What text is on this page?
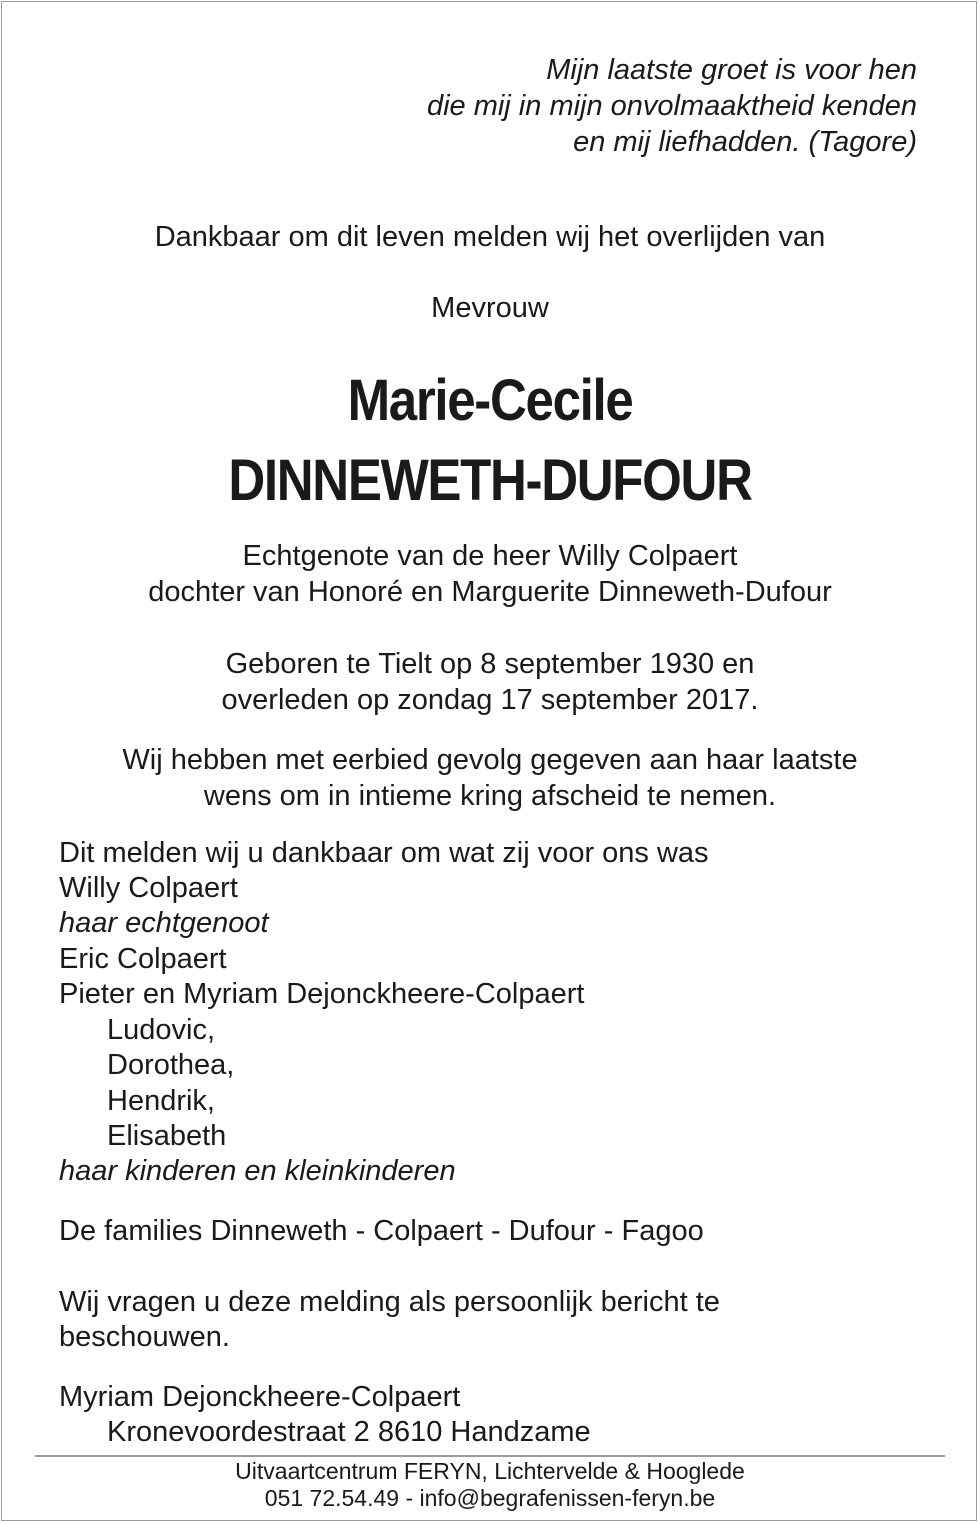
Mijn laatste groet is voor hen
die mij in mijn onvolmaaktheid kenden
en mij liefhadden. (Tagore)
Dankbaar om dit leven melden wij het overlijden van
Mevrouw
Marie-Cecile
DINNEWETH-DUFOUR
Echtgenote van de heer Willy Colpaert
dochter van Honoré en Marguerite Dinneweth-Dufour
Geboren te Tielt op 8 september 1930 en
overleden op zondag 17 september 2017.
Wij hebben met eerbied gevolg gegeven aan haar laatste
wens om in intieme kring afscheid te nemen.
Dit melden wij u dankbaar om wat zij voor ons was
Willy Colpaert
haar echtgenoot
Eric Colpaert
Pieter en Myriam Dejonckheere-Colpaert
Ludovic,
Dorothea,
Hendrik,
Elisabeth
haar kinderen en kleinkinderen
De families Dinneweth - Colpaert - Dufour - Fagoo
Wij vragen u deze melding als persoonlijk bericht te
beschouwen.
Myriam Dejonckheere-Colpaert
Kronevoordestraat 2 8610 Handzame
Uitvaartcentrum FERYN, Lichtervelde & Hooglede
051 72.54.49 - info@begrafenissen-feryn.be
